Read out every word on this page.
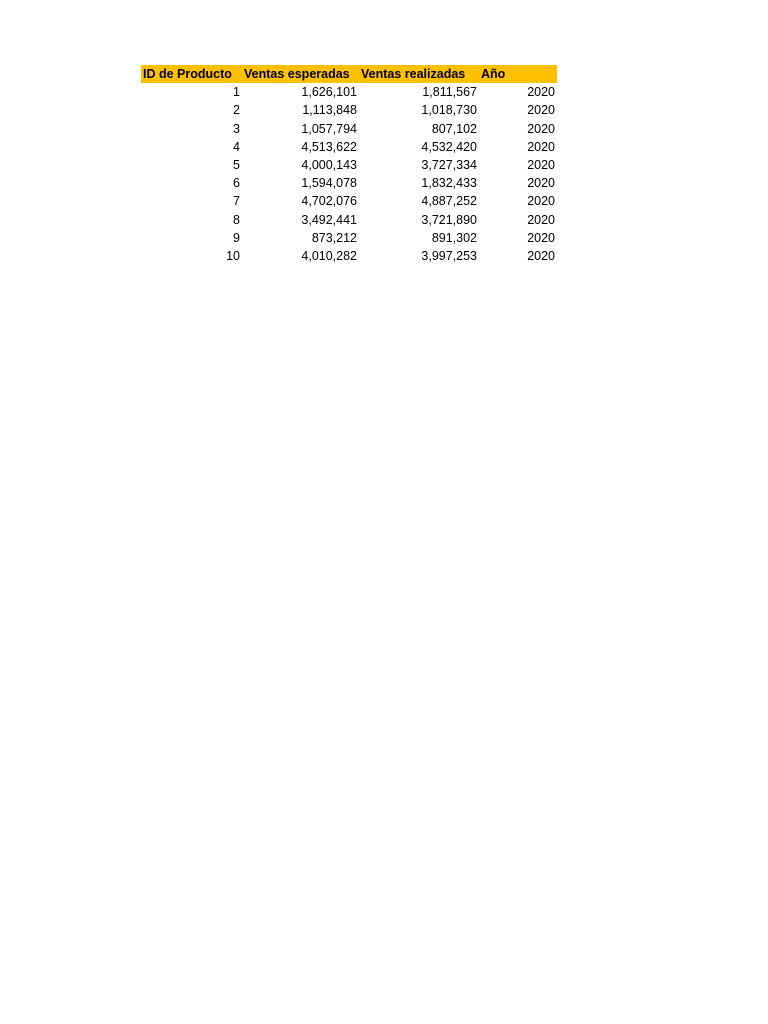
ID de Producto	Ventas esperadas	Ventas realizadas	Año
1	1,626,101	1,811,567	2020
2	1,113,848	1,018,730	2020
3	1,057,794	807,102	2020
4	4,513,622	4,532,420	2020
5	4,000,143	3,727,334	2020
6	1,594,078	1,832,433	2020
7	4,702,076	4,887,252	2020
8	3,492,441	3,721,890	2020
9	873,212	891,302	2020
10	4,010,282	3,997,253	2020
